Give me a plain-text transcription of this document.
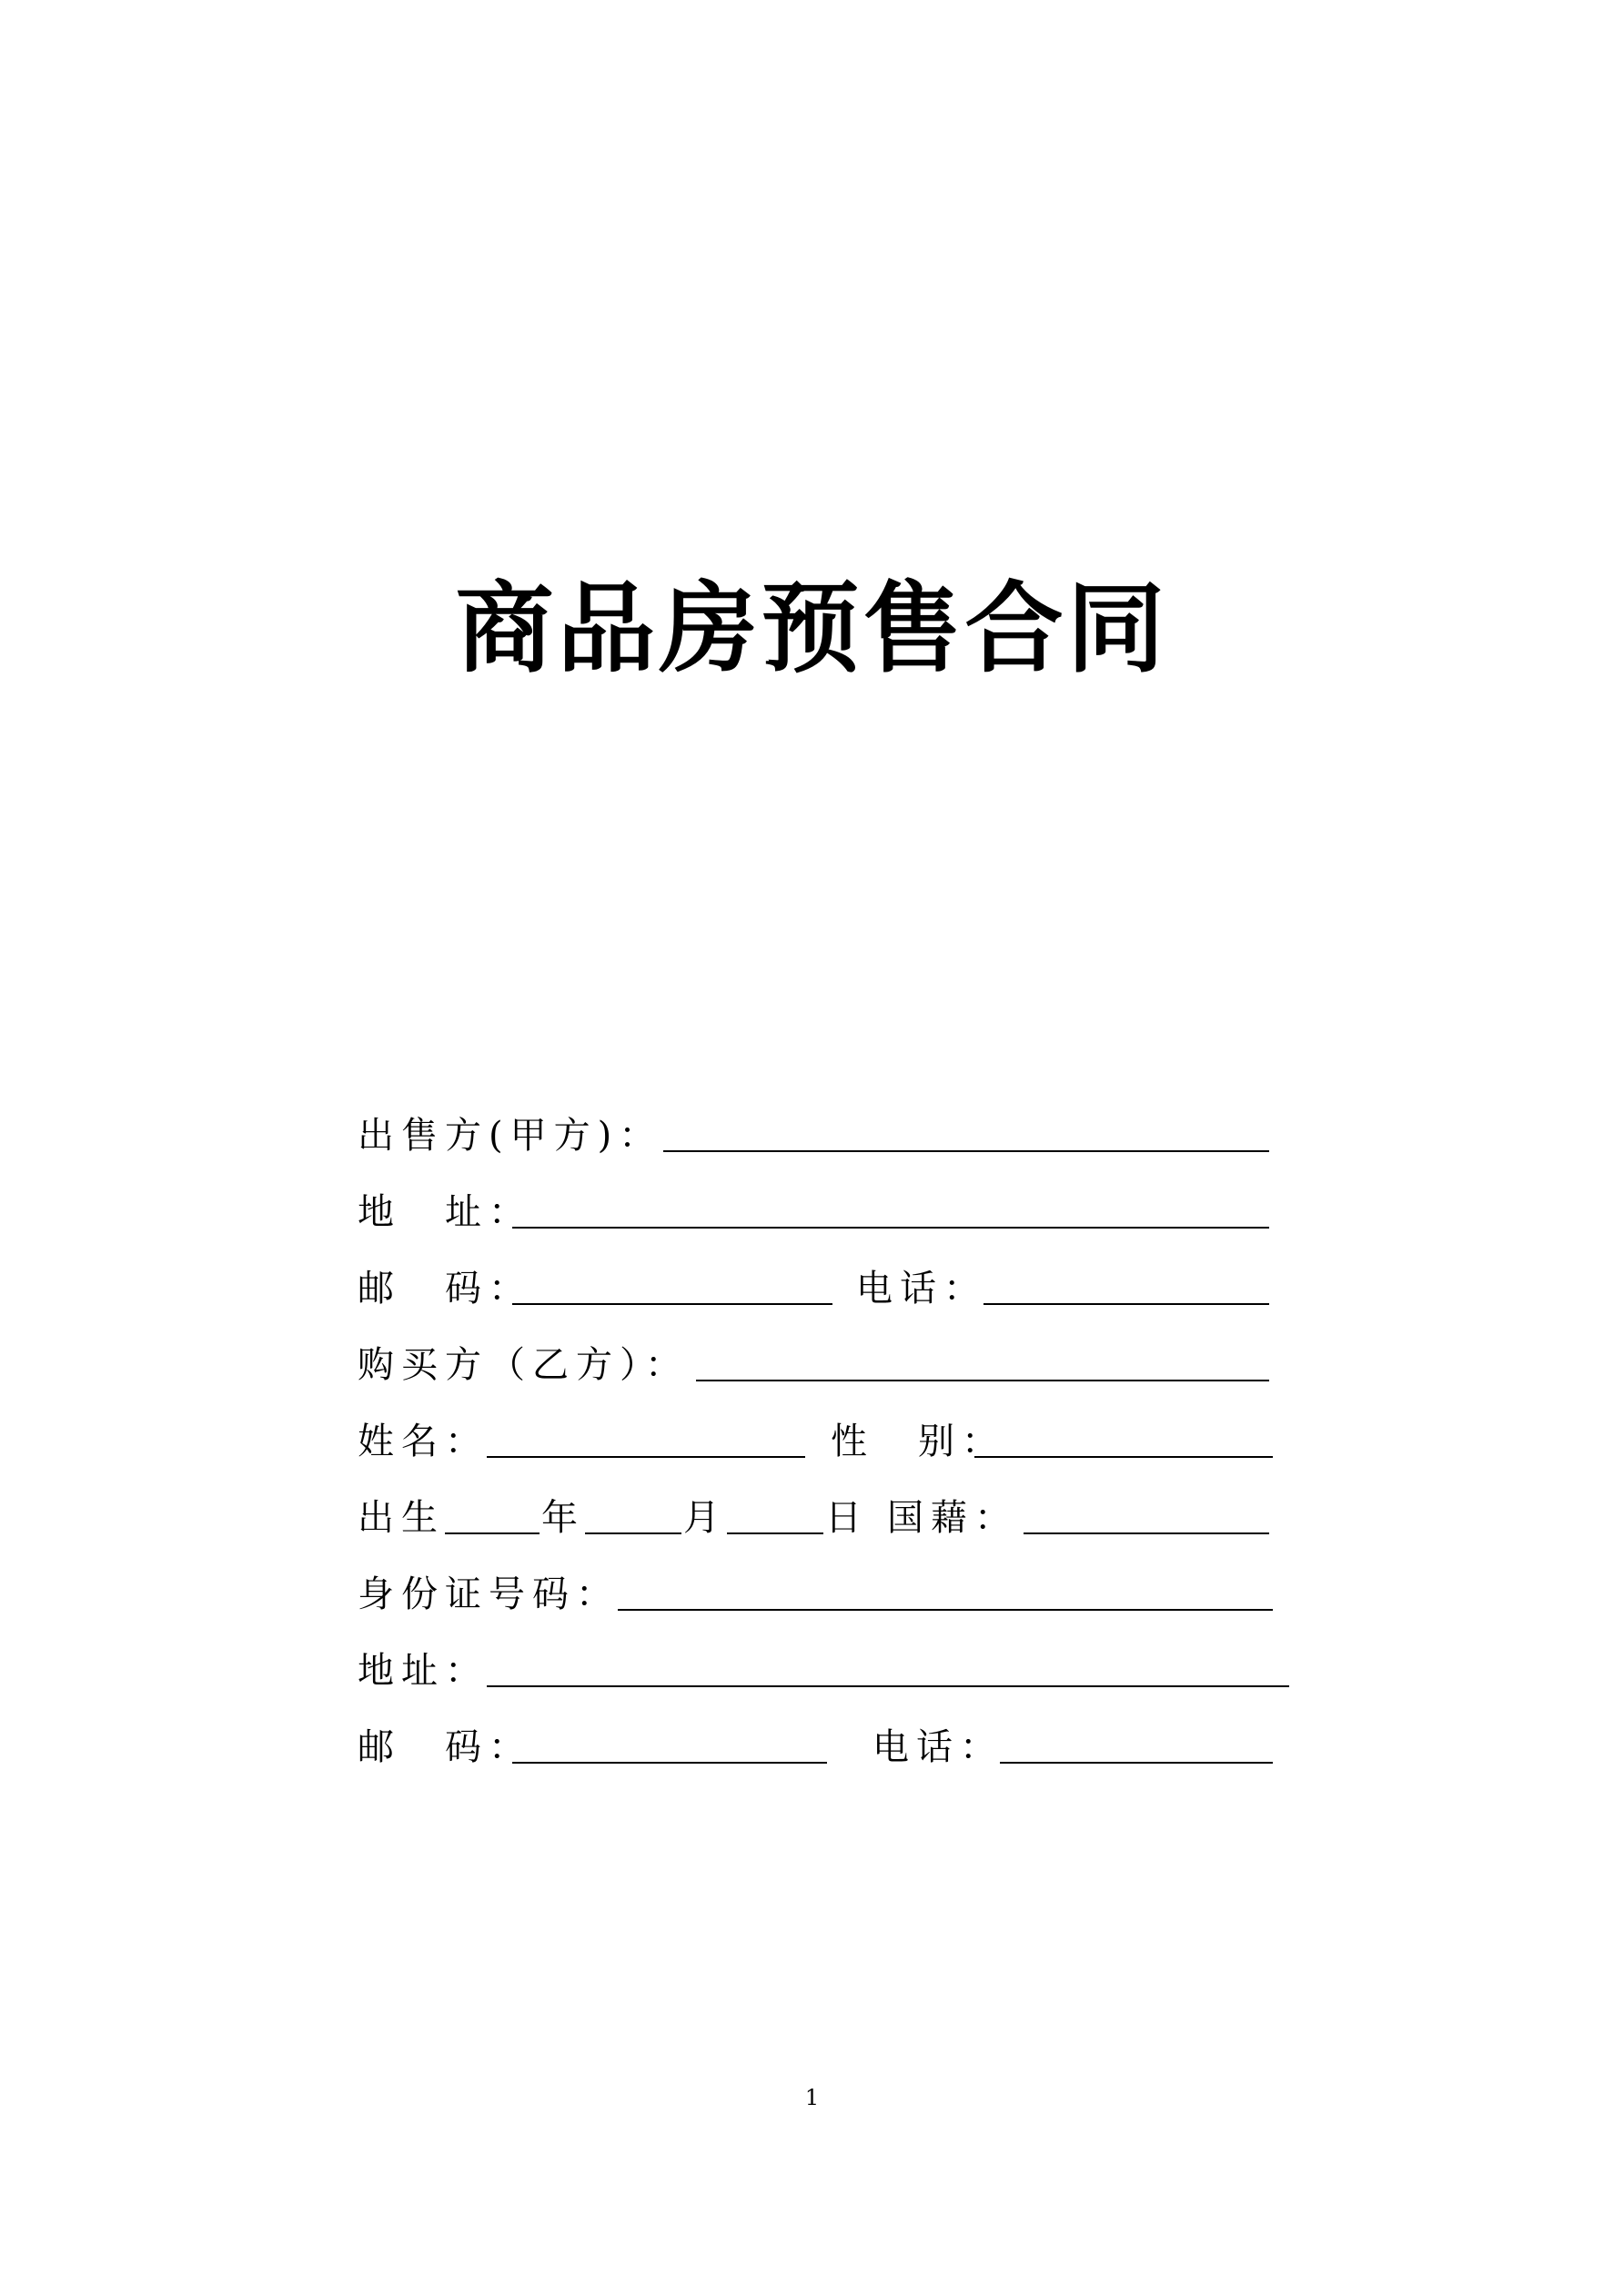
商品房预售合同
出售方(甲方)：
地　址：
邮　码：	电话：
购买方（乙方）：
姓名：	性　别：
出生	年	月	日 国藉：
身份证号码：
地址：
邮　码：	电话：
1
